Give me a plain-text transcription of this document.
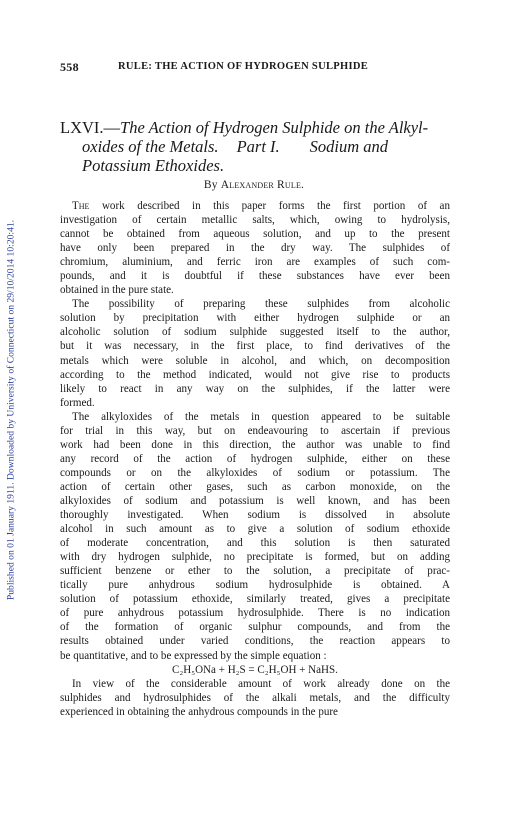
Published on 01 January 1911. Downloaded by University of Connecticut on 29/10/2014 10:20:41.
558	RULE: THE ACTION OF HYDROGEN SULPHIDE
LXVI.—The Action of Hydrogen Sulphide on the Alkyl-
oxides of the Metals. Part I. Sodium and
Potassium Ethoxides.
By Alexander Rule.
The work described in this paper forms the first portion of an
investigation of certain metallic salts, which, owing to hydrolysis,
cannot be obtained from aqueous solution, and up to the present
have only been prepared in the dry way. The sulphides of
chromium, aluminium, and ferric iron are examples of such com-
pounds, and it is doubtful if these substances have ever been
obtained in the pure state.
The possibility of preparing these sulphides from alcoholic
solution by precipitation with either hydrogen sulphide or an
alcoholic solution of sodium sulphide suggested itself to the author,
but it was necessary, in the first place, to find derivatives of the
metals which were soluble in alcohol, and which, on decomposition
according to the method indicated, would not give rise to products
likely to react in any way on the sulphides, if the latter were
formed.
The alkyloxides of the metals in question appeared to be suitable
for trial in this way, but on endeavouring to ascertain if previous
work had been done in this direction, the author was unable to find
any record of the action of hydrogen sulphide, either on these
compounds or on the alkyloxides of sodium or potassium. The
action of certain other gases, such as carbon monoxide, on the
alkyloxides of sodium and potassium is well known, and has been
thoroughly investigated. When sodium is dissolved in absolute
alcohol in such amount as to give a solution of sodium ethoxide
of moderate concentration, and this solution is then saturated
with dry hydrogen sulphide, no precipitate is formed, but on adding
sufficient benzene or ether to the solution, a precipitate of prac-
tically pure anhydrous sodium hydrosulphide is obtained. A
solution of potassium ethoxide, similarly treated, gives a precipitate
of pure anhydrous potassium hydrosulphide. There is no indication
of the formation of organic sulphur compounds, and from the
results obtained under varied conditions, the reaction appears to
be quantitative, and to be expressed by the simple equation :
C₂H₅ONa + H₂S = C₂H₅OH + NaHS.
In view of the considerable amount of work already done on the
sulphides and hydrosulphides of the alkali metals, and the difficulty
experienced in obtaining the anhydrous compounds in the pure
